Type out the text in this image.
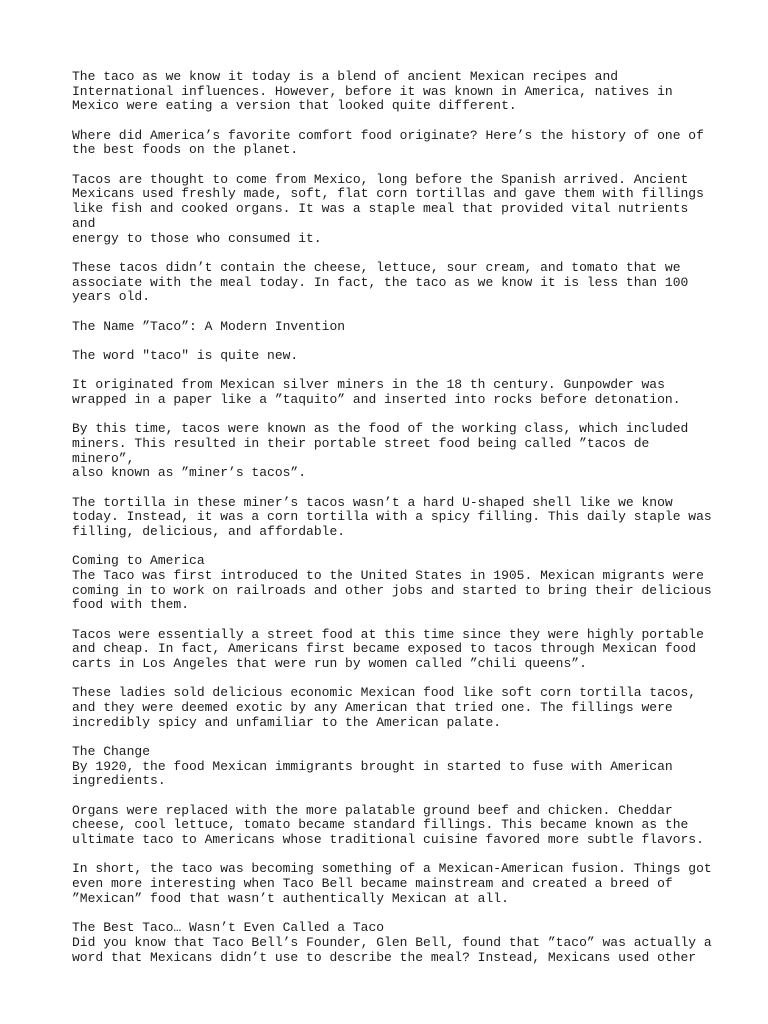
The taco as we know it today is a blend of ancient Mexican recipes and
International influences. However, before it was known in America, natives in
Mexico were eating a version that looked quite different.

Where did America’s favorite comfort food originate? Here’s the history of one of
the best foods on the planet.

Tacos are thought to come from Mexico, long before the Spanish arrived. Ancient
Mexicans used freshly made, soft, flat corn tortillas and gave them with fillings
like fish and cooked organs. It was a staple meal that provided vital nutrients and
energy to those who consumed it.

These tacos didn’t contain the cheese, lettuce, sour cream, and tomato that we
associate with the meal today. In fact, the taco as we know it is less than 100
years old.

The Name ”Taco”: A Modern Invention

The word "taco" is quite new.

It originated from Mexican silver miners in the 18 th century. Gunpowder was
wrapped in a paper like a ”taquito” and inserted into rocks before detonation.

By this time, tacos were known as the food of the working class, which included
miners. This resulted in their portable street food being called ”tacos de minero”,
also known as ”miner’s tacos”.

The tortilla in these miner’s tacos wasn’t a hard U-shaped shell like we know
today. Instead, it was a corn tortilla with a spicy filling. This daily staple was
filling, delicious, and affordable.

Coming to America

The Taco was first introduced to the United States in 1905. Mexican migrants were
coming in to work on railroads and other jobs and started to bring their delicious
food with them.

Tacos were essentially a street food at this time since they were highly portable
and cheap. In fact, Americans first became exposed to tacos through Mexican food
carts in Los Angeles that were run by women called ”chili queens”.

These ladies sold delicious economic Mexican food like soft corn tortilla tacos,
and they were deemed exotic by any American that tried one. The fillings were
incredibly spicy and unfamiliar to the American palate.

The Change

By 1920, the food Mexican immigrants brought in started to fuse with American
ingredients.

Organs were replaced with the more palatable ground beef and chicken. Cheddar
cheese, cool lettuce, tomato became standard fillings. This became known as the
ultimate taco to Americans whose traditional cuisine favored more subtle flavors.

In short, the taco was becoming something of a Mexican-American fusion. Things got
even more interesting when Taco Bell became mainstream and created a breed of
”Mexican” food that wasn’t authentically Mexican at all.

The Best Taco… Wasn’t Even Called a Taco

Did you know that Taco Bell’s Founder, Glen Bell, found that ”taco” was actually a
word that Mexicans didn’t use to describe the meal? Instead, Mexicans used other
